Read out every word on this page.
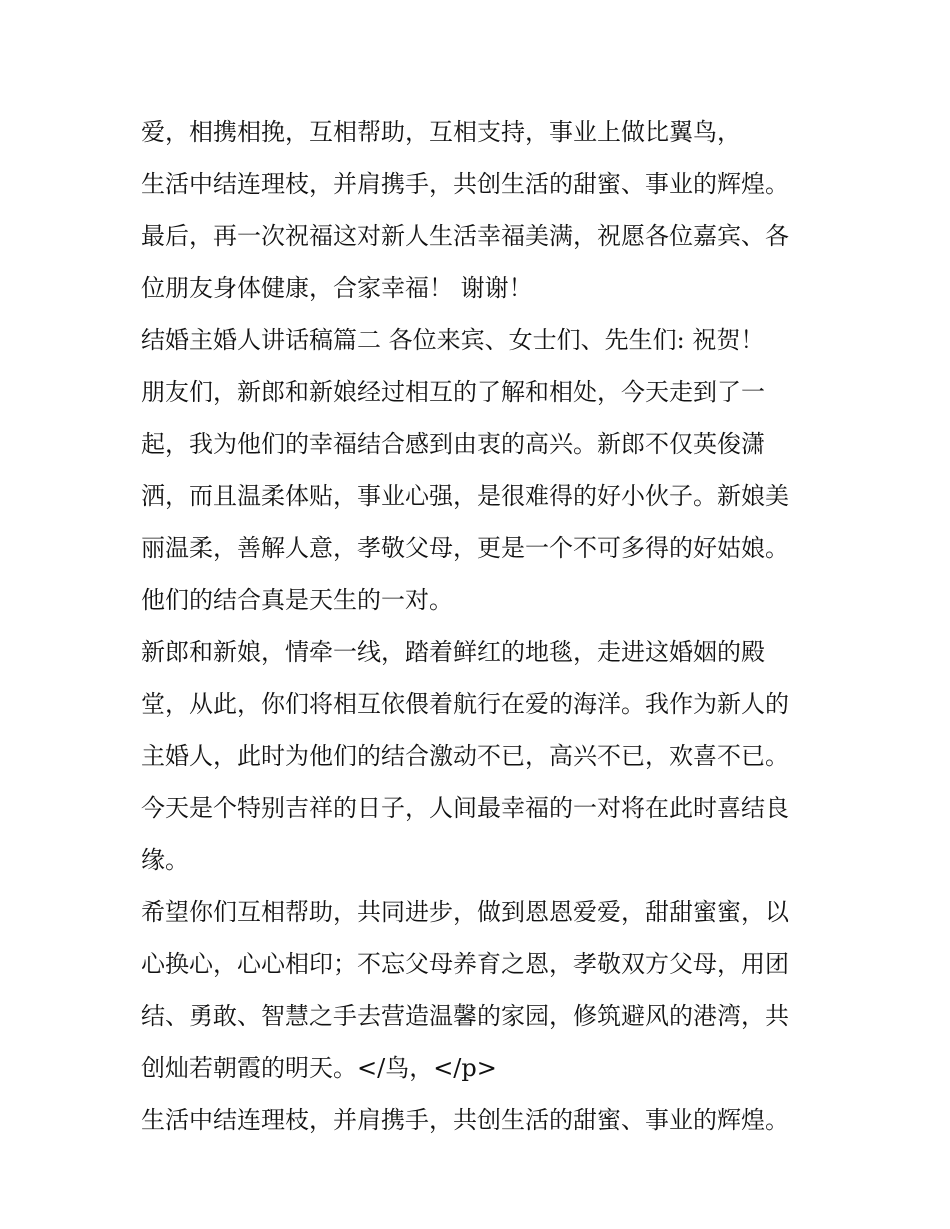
爱，相携相挽，互相帮助，互相支持，事业上做比翼鸟，

生活中结连理枝，并肩携手，共创生活的甜蜜、事业的辉煌。

最后，再一次祝福这对新人生活幸福美满，祝愿各位嘉宾、各

位朋友身体健康，合家幸福！ 谢谢！

结婚主婚人讲话稿篇二 各位来宾、女士们、先生们: 祝贺！

朋友们，新郎和新娘经过相互的了解和相处，今天走到了一

起，我为他们的幸福结合感到由衷的高兴。新郎不仅英俊潇

洒，而且温柔体贴，事业心强，是很难得的好小伙子。新娘美

丽温柔，善解人意，孝敬父母，更是一个不可多得的好姑娘。

他们的结合真是天生的一对。

新郎和新娘，情牵一线，踏着鲜红的地毯，走进这婚姻的殿

堂，从此，你们将相互依偎着航行在爱的海洋。我作为新人的

主婚人，此时为他们的结合激动不已，高兴不已，欢喜不已。

今天是个特别吉祥的日子，人间最幸福的一对将在此时喜结良

缘。

希望你们互相帮助，共同进步，做到恩恩爱爱，甜甜蜜蜜，以

心换心，心心相印；不忘父母养育之恩，孝敬双方父母，用团

结、勇敢、智慧之手去营造温馨的家园，修筑避风的港湾，共

创灿若朝霞的明天。</鸟，</p>

生活中结连理枝，并肩携手，共创生活的甜蜜、事业的辉煌。
